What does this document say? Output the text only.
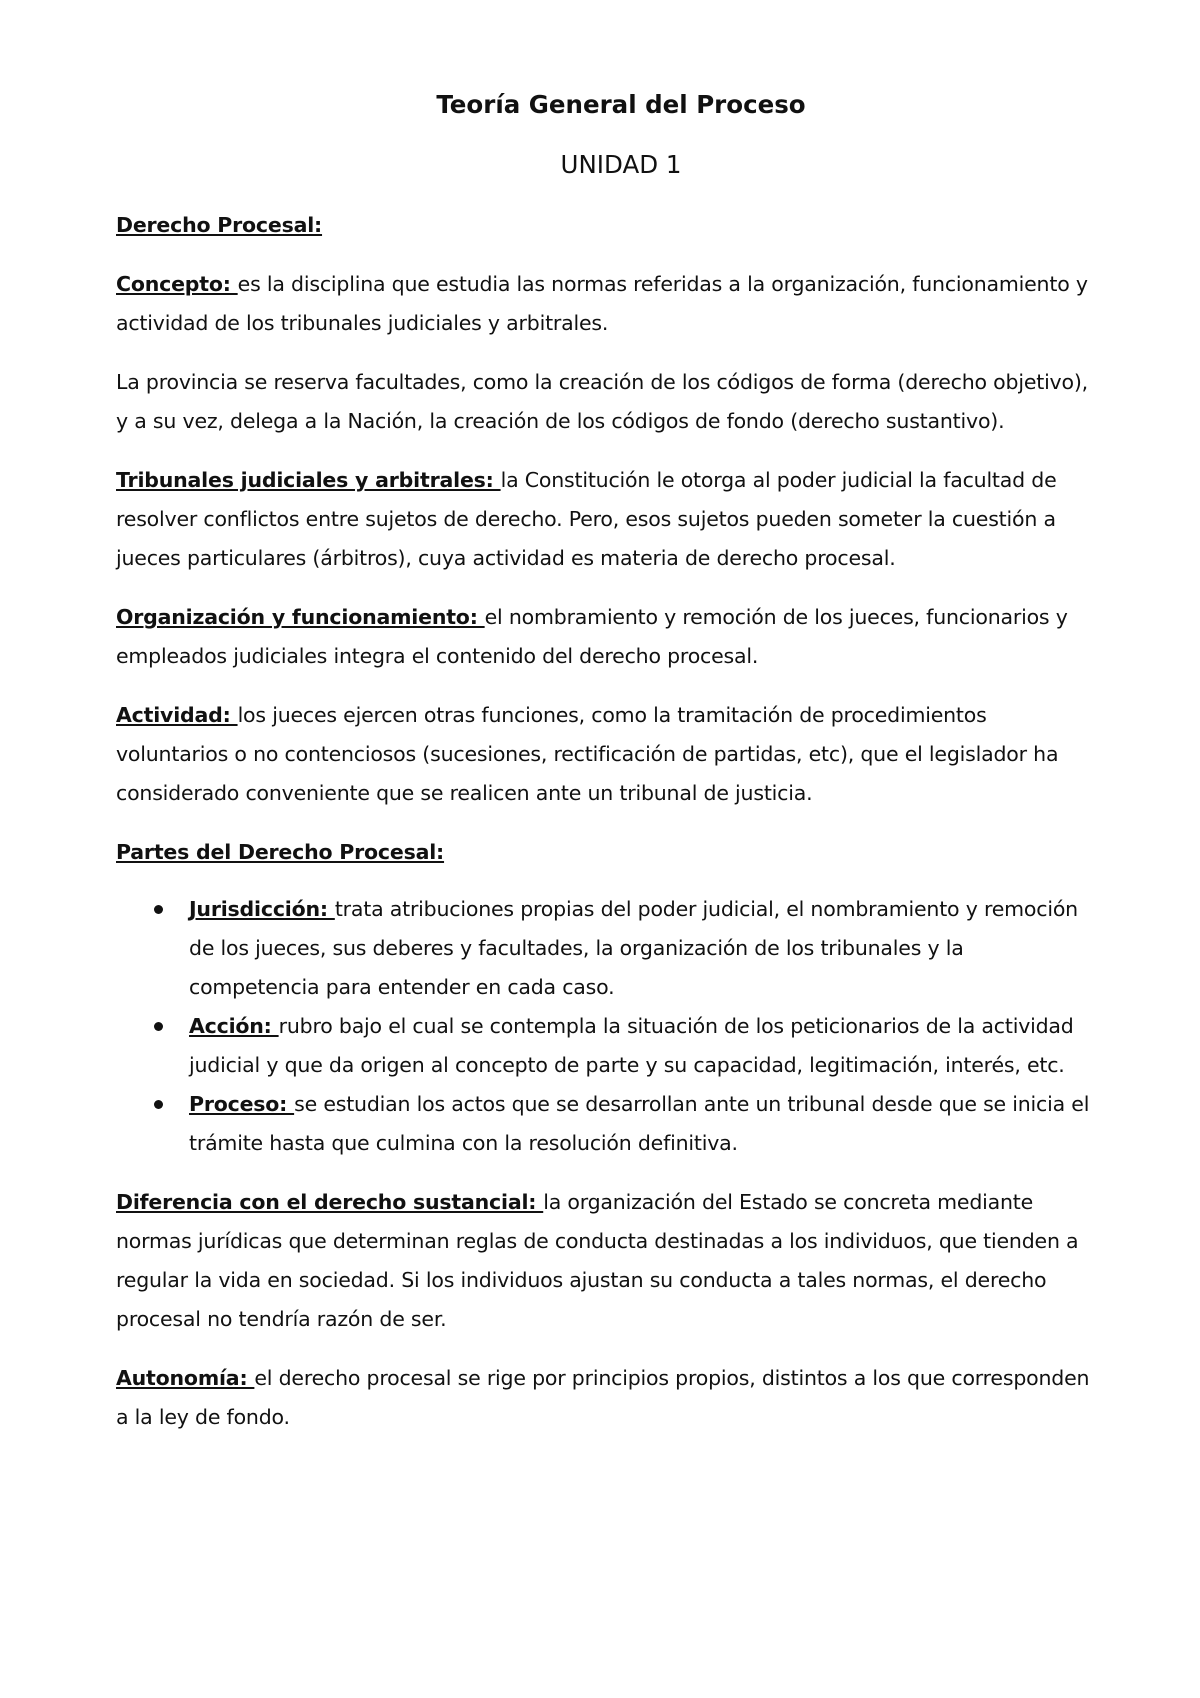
Teoría General del Proceso
UNIDAD 1
Derecho Procesal:

Concepto: es la disciplina que estudia las normas referidas a la organización, funcionamiento y actividad de los tribunales judiciales y arbitrales.

La provincia se reserva facultades, como la creación de los códigos de forma (derecho objetivo), y a su vez, delega a la Nación, la creación de los códigos de fondo (derecho sustantivo).

Tribunales judiciales y arbitrales: la Constitución le otorga al poder judicial la facultad de resolver conflictos entre sujetos de derecho. Pero, esos sujetos pueden someter la cuestión a jueces particulares (árbitros), cuya actividad es materia de derecho procesal.

Organización y funcionamiento: el nombramiento y remoción de los jueces, funcionarios y empleados judiciales integra el contenido del derecho procesal.

Actividad: los jueces ejercen otras funciones, como la tramitación de procedimientos voluntarios o no contenciosos (sucesiones, rectificación de partidas, etc), que el legislador ha considerado conveniente que se realicen ante un tribunal de justicia.

Partes del Derecho Procesal:

Jurisdicción: trata atribuciones propias del poder judicial, el nombramiento y remoción de los jueces, sus deberes y facultades, la organización de los tribunales y la competencia para entender en cada caso.
Acción: rubro bajo el cual se contempla la situación de los peticionarios de la actividad judicial y que da origen al concepto de parte y su capacidad, legitimación, interés, etc.
Proceso: se estudian los actos que se desarrollan ante un tribunal desde que se inicia el trámite hasta que culmina con la resolución definitiva.

Diferencia con el derecho sustancial: la organización del Estado se concreta mediante normas jurídicas que determinan reglas de conducta destinadas a los individuos, que tienden a regular la vida en sociedad. Si los individuos ajustan su conducta a tales normas, el derecho procesal no tendría razón de ser.

Autonomía: el derecho procesal se rige por principios propios, distintos a los que corresponden a la ley de fondo.
